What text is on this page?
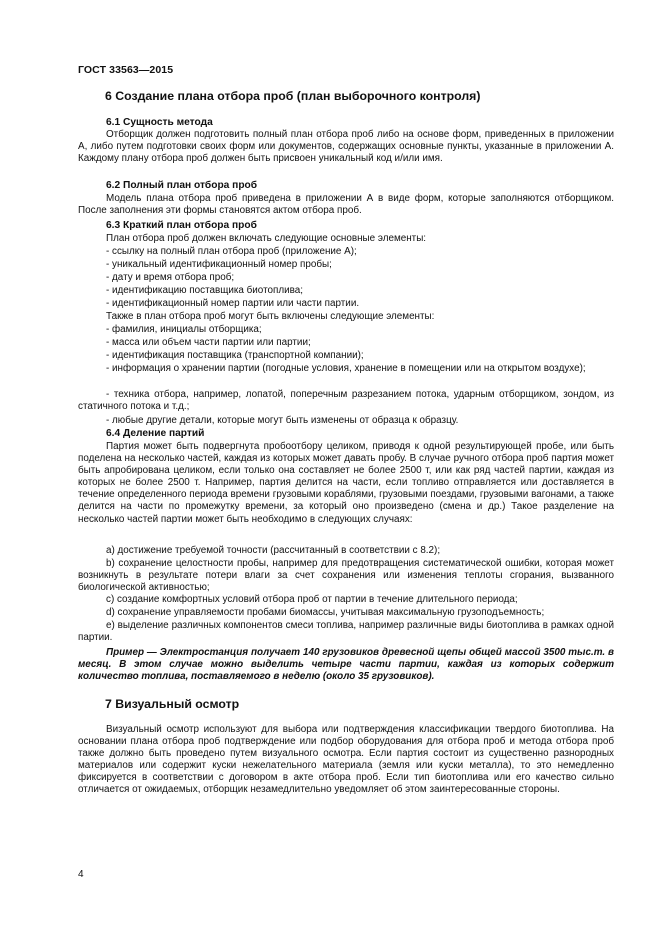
ГОСТ 33563—2015
6 Создание плана отбора проб (план выборочного контроля)
6.1 Сущность метода

Отборщик должен подготовить полный план отбора проб либо на основе форм, приведенных в приложении А, либо путем подготовки своих форм или документов, содержащих основные пункты, указанные в приложении А. Каждому плану отбора проб должен быть присвоен уникальный код и/или имя.

6.2 Полный план отбора проб

Модель плана отбора проб приведена в приложении А в виде форм, которые заполняются отборщиком. После заполнения эти формы становятся актом отбора проб.

6.3 Краткий план отбора проб
План отбора проб должен включать следующие основные элементы:
- ссылку на полный план отбора проб (приложение А);
- уникальный идентификационный номер пробы;
- дату и время отбора проб;
- идентификацию поставщика биотоплива;
- идентификационный номер партии или части партии.
Также в план отбора проб могут быть включены следующие элементы:
- фамилия, инициалы отборщика;
- масса или объем части партии или партии;
- идентификация поставщика (транспортной компании);

- информация о хранении партии (погодные условия, хранение в помещении или на открытом воздухе);

- техника отбора, например, лопатой, поперечным разрезанием потока, ударным отборщиком, зондом, из статичного потока и т.д.;

- любые другие детали, которые могут быть изменены от образца к образцу.
6.4 Деление партий

Партия может быть подвергнута пробоотбору целиком, приводя к одной результирующей пробе, или быть поделена на несколько частей, каждая из которых может давать пробу. В случае ручного отбора проб партия может быть апробирована целиком, если только она составляет не более 2500 т, или как ряд частей партии, каждая из которых не более 2500 т. Например, партия делится на части, если топливо отправляется или доставляется в течение определенного периода времени грузовыми кораблями, грузовыми поездами, грузовыми вагонами, а также делится на части по промежутку времени, за который оно произведено (смена и др.) Такое разделение на несколько частей партии может быть необходимо в следующих случаях:

а) достижение требуемой точности (рассчитанный в соответствии с 8.2);

b) сохранение целостности пробы, например для предотвращения систематической ошибки, которая может возникнуть в результате потери влаги за счет сохранения или изменения теплоты сгорания, вызванного биологической активностью;

с) создание комфортных условий отбора проб от партии в течение длительного периода;
d) сохранение управляемости пробами биомассы, учитывая максимальную грузоподъемность;

е) выделение различных компонентов смеси топлива, например различные виды биотоплива в рамках одной партии.

Пример — Электростанция получает 140 грузовиков древесной щепы общей массой 3500 тыс.т. в месяц. В этом случае можно выделить четыре части партии, каждая из которых содержит количество топлива, поставляемого в неделю (около 35 грузовиков).

7 Визуальный осмотр

Визуальный осмотр используют для выбора или подтверждения классификации твердого биотоплива. На основании плана отбора проб подтверждение или подбор оборудования для отбора проб и метода отбора проб также должно быть проведено путем визуального осмотра. Если партия состоит из существенно разнородных материалов или содержит куски нежелательного материала (земля или куски металла), то это немедленно фиксируется в соответствии с договором в акте отбора проб. Если тип биотоплива или его качество сильно отличается от ожидаемых, отборщик незамедлительно уведомляет об этом заинтересованные стороны.

4
